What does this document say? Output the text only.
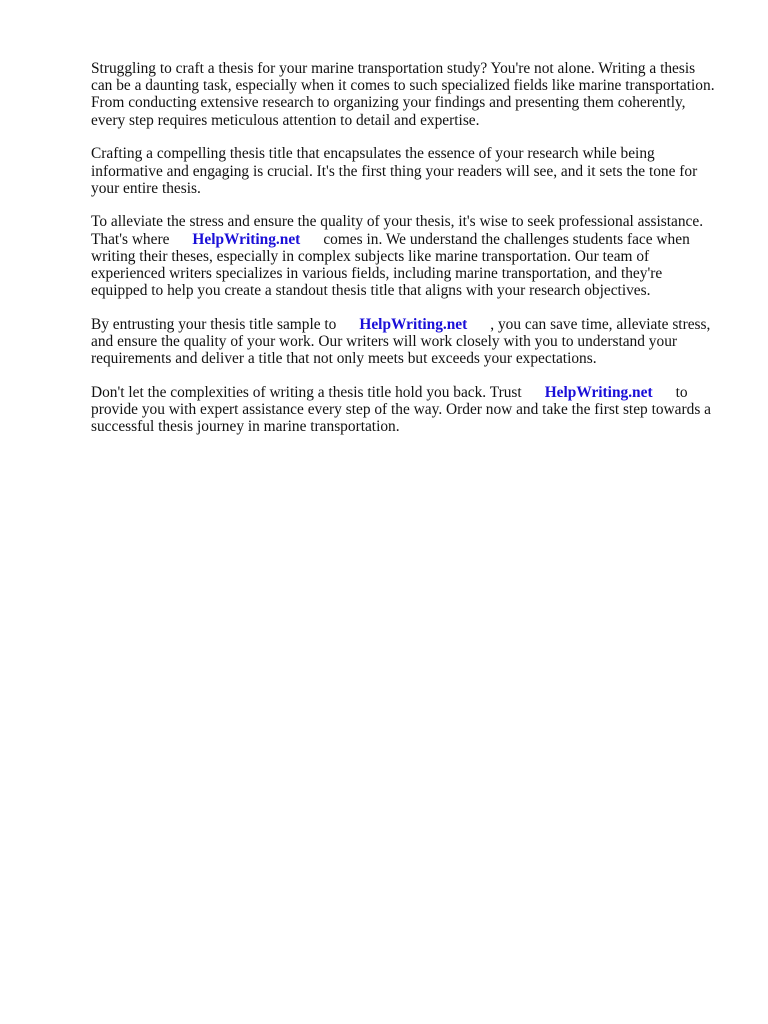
Struggling to craft a thesis for your marine transportation study? You're not alone. Writing a thesis
can be a daunting task, especially when it comes to such specialized fields like marine transportation.
From conducting extensive research to organizing your findings and presenting them coherently,
every step requires meticulous attention to detail and expertise.

Crafting a compelling thesis title that encapsulates the essence of your research while being
informative and engaging is crucial. It's the first thing your readers will see, and it sets the tone for
your entire thesis.

To alleviate the stress and ensure the quality of your thesis, it's wise to seek professional assistance.
That's where HelpWriting.net comes in. We understand the challenges students face when
writing their theses, especially in complex subjects like marine transportation. Our team of
experienced writers specializes in various fields, including marine transportation, and they're
equipped to help you create a standout thesis title that aligns with your research objectives.

By entrusting your thesis title sample to HelpWriting.net , you can save time, alleviate stress,
and ensure the quality of your work. Our writers will work closely with you to understand your
requirements and deliver a title that not only meets but exceeds your expectations.

Don't let the complexities of writing a thesis title hold you back. Trust HelpWriting.net to
provide you with expert assistance every step of the way. Order now and take the first step towards a
successful thesis journey in marine transportation.
